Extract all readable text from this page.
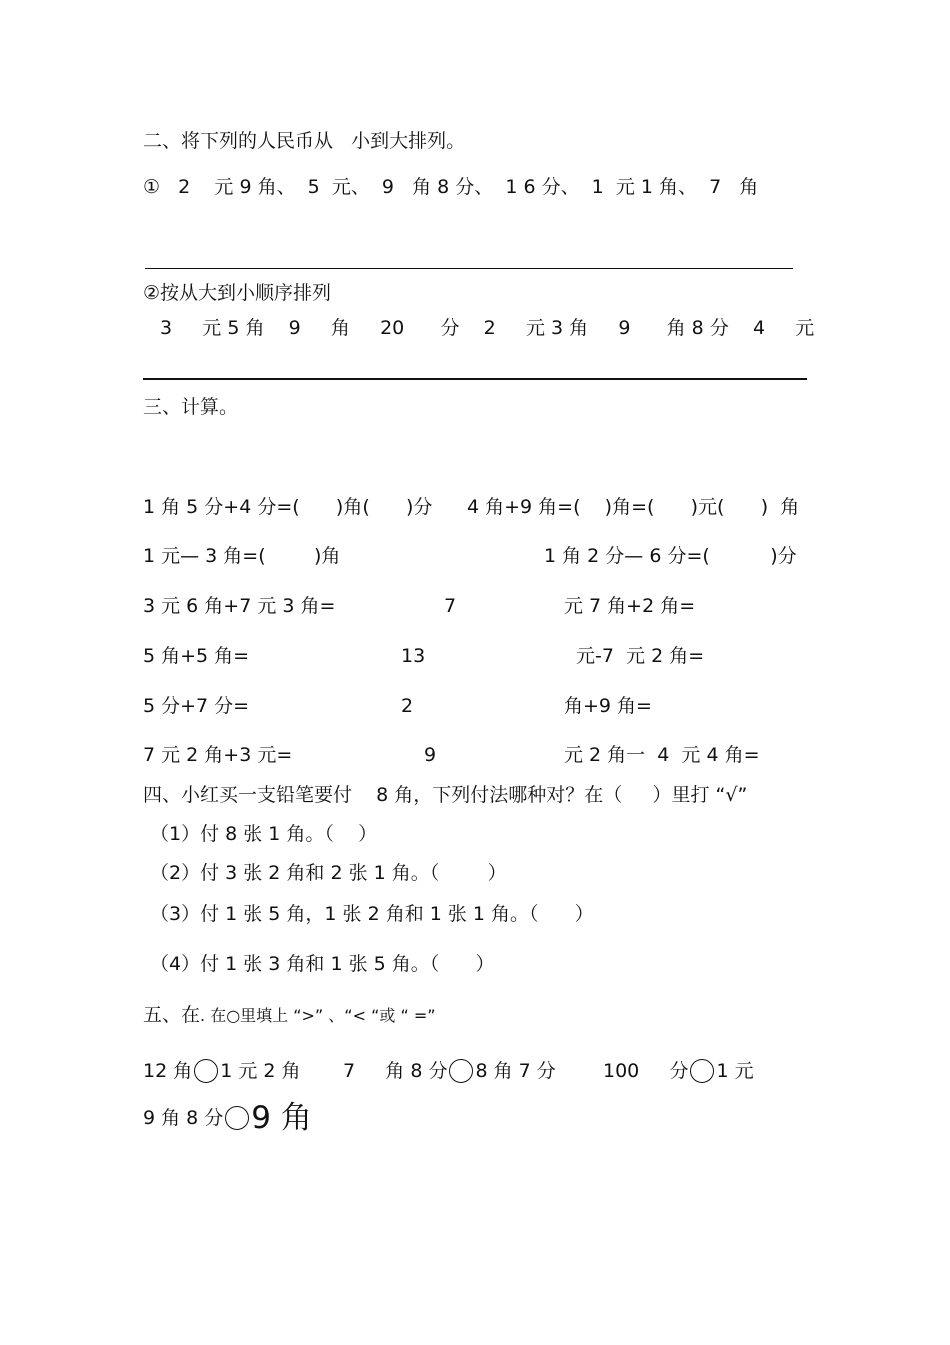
二、将下列的人民币从   小到大排列。
①   2    元 9 角、  5  元、  9   角 8 分、  1 6 分、  1  元 1 角、  7   角
②按从大到小顺序排列
3     元 5 角    9     角     20      分    2     元 3 角     9      角 8 分    4     元
三、计算。
1 角 5 分+4 分=(      )角(      )分 4 角+9 角=(    )角=(      )元(      )  角
1 元— 3 角=(        )角	1 角 2 分— 6 分=(          )分
3 元 6 角+7 元 3 角=	7	元 7 角+2 角=
5 角+5 角=	13	元-7  元 2 角=
5 分+7 分=	2	角+9 角=
7 元 2 角+3 元=	9	元 2 角一  4  元 4 角=
四、小红买一支铅笔要付    8 角，下列付法哪种对？在（     ）里打 “√”
（1）付 8 张 1 角。（    ）
（2）付 3 张 2 角和 2 张 1 角。（        ）
（3）付 1 张 5 角，1 张 2 角和 1 张 1 角。（      ）
（4）付 1 张 3 角和 1 张 5 角。（      ）
五、在. 在○里填上 “>” 、“< “或 “ =”
12 角 1 元 2 角 7     角 8 分 8 角 7 分 100     分 1 元
9 角 8 分 9 角
